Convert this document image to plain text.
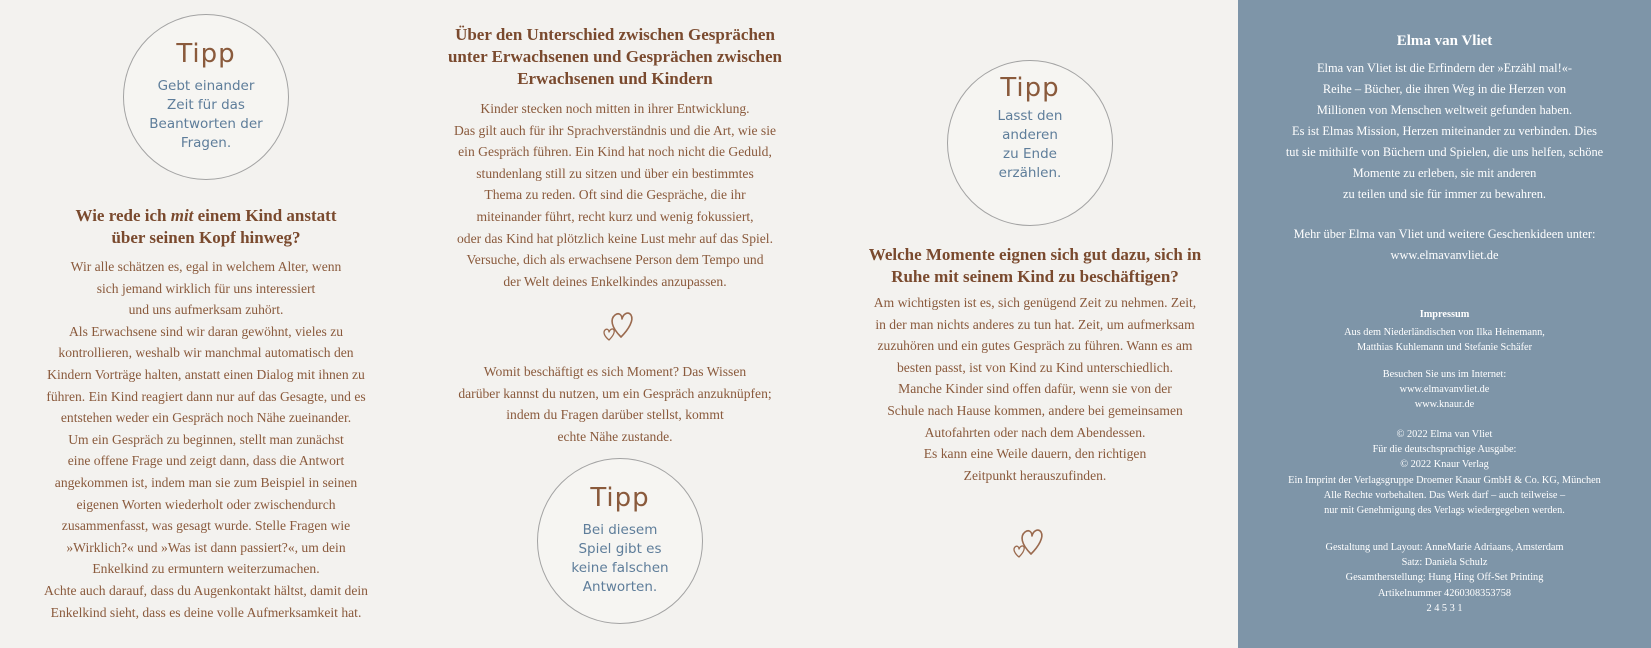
Tipp
Gebt einander
Zeit für das
Beantworten der
Fragen.
Wie rede ich mit einem Kind anstatt
über seinen Kopf hinweg?
Wir alle schätzen es, egal in welchem Alter, wenn
sich jemand wirklich für uns interessiert
und uns aufmerksam zuhört.
Als Erwachsene sind wir daran gewöhnt, vieles zu
kontrollieren, weshalb wir manchmal automatisch den
Kindern Vorträge halten, anstatt einen Dialog mit ihnen zu
führen. Ein Kind reagiert dann nur auf das Gesagte, und es
entstehen weder ein Gespräch noch Nähe zueinander.
Um ein Gespräch zu beginnen, stellt man zunächst
eine offene Frage und zeigt dann, dass die Antwort
angekommen ist, indem man sie zum Beispiel in seinen
eigenen Worten wiederholt oder zwischendurch
zusammenfasst, was gesagt wurde. Stelle Fragen wie
»Wirklich?« und »Was ist dann passiert?«, um dein
Enkelkind zu ermuntern weiterzumachen.
Achte auch darauf, dass du Augenkontakt hältst, damit dein
Enkelkind sieht, dass es deine volle Aufmerksamkeit hat.
Über den Unterschied zwischen Gesprächen
unter Erwachsenen und Gesprächen zwischen
Erwachsenen und Kindern
Kinder stecken noch mitten in ihrer Entwicklung.
Das gilt auch für ihr Sprachverständnis und die Art, wie sie
ein Gespräch führen. Ein Kind hat noch nicht die Geduld,
stundenlang still zu sitzen und über ein bestimmtes
Thema zu reden. Oft sind die Gespräche, die ihr
miteinander führt, recht kurz und wenig fokussiert,
oder das Kind hat plötzlich keine Lust mehr auf das Spiel.
Versuche, dich als erwachsene Person dem Tempo und
der Welt deines Enkelkindes anzupassen.
Womit beschäftigt es sich Moment? Das Wissen
darüber kannst du nutzen, um ein Gespräch anzuknüpfen;
indem du Fragen darüber stellst, kommt
echte Nähe zustande.
Tipp
Bei diesem
Spiel gibt es
keine falschen
Antworten.
Tipp
Lasst den
anderen
zu Ende
erzählen.
Welche Momente eignen sich gut dazu, sich in
Ruhe mit seinem Kind zu beschäftigen?
Am wichtigsten ist es, sich genügend Zeit zu nehmen. Zeit,
in der man nichts anderes zu tun hat. Zeit, um aufmerksam
zuzuhören und ein gutes Gespräch zu führen. Wann es am
besten passt, ist von Kind zu Kind unterschiedlich.
Manche Kinder sind offen dafür, wenn sie von der
Schule nach Hause kommen, andere bei gemeinsamen
Autofahrten oder nach dem Abendessen.
Es kann eine Weile dauern, den richtigen
Zeitpunkt herauszufinden.
Elma van Vliet
Elma van Vliet ist die Erfindern der »Erzähl mal!«-
Reihe – Bücher, die ihren Weg in die Herzen von
Millionen von Menschen weltweit gefunden haben.
Es ist Elmas Mission, Herzen miteinander zu verbinden. Dies
tut sie mithilfe von Büchern und Spielen, die uns helfen, schöne
Momente zu erleben, sie mit anderen
zu teilen und sie für immer zu bewahren.
Mehr über Elma van Vliet und weitere Geschenkideen unter:
www.elmavanvliet.de
Impressum
Aus dem Niederländischen von Ilka Heinemann,
Matthias Kuhlemann und Stefanie Schäfer
Besuchen Sie uns im Internet:
www.elmavanvliet.de
www.knaur.de
© 2022 Elma van Vliet
Für die deutschsprachige Ausgabe:
© 2022 Knaur Verlag
Ein Imprint der Verlagsgruppe Droemer Knaur GmbH & Co. KG, München
Alle Rechte vorbehalten. Das Werk darf – auch teilweise –
nur mit Genehmigung des Verlags wiedergegeben werden.
Gestaltung und Layout: AnneMarie Adriaans, Amsterdam
Satz: Daniela Schulz
Gesamtherstellung: Hung Hing Off-Set Printing
Artikelnummer 4260308353758
2 4 5 3 1
